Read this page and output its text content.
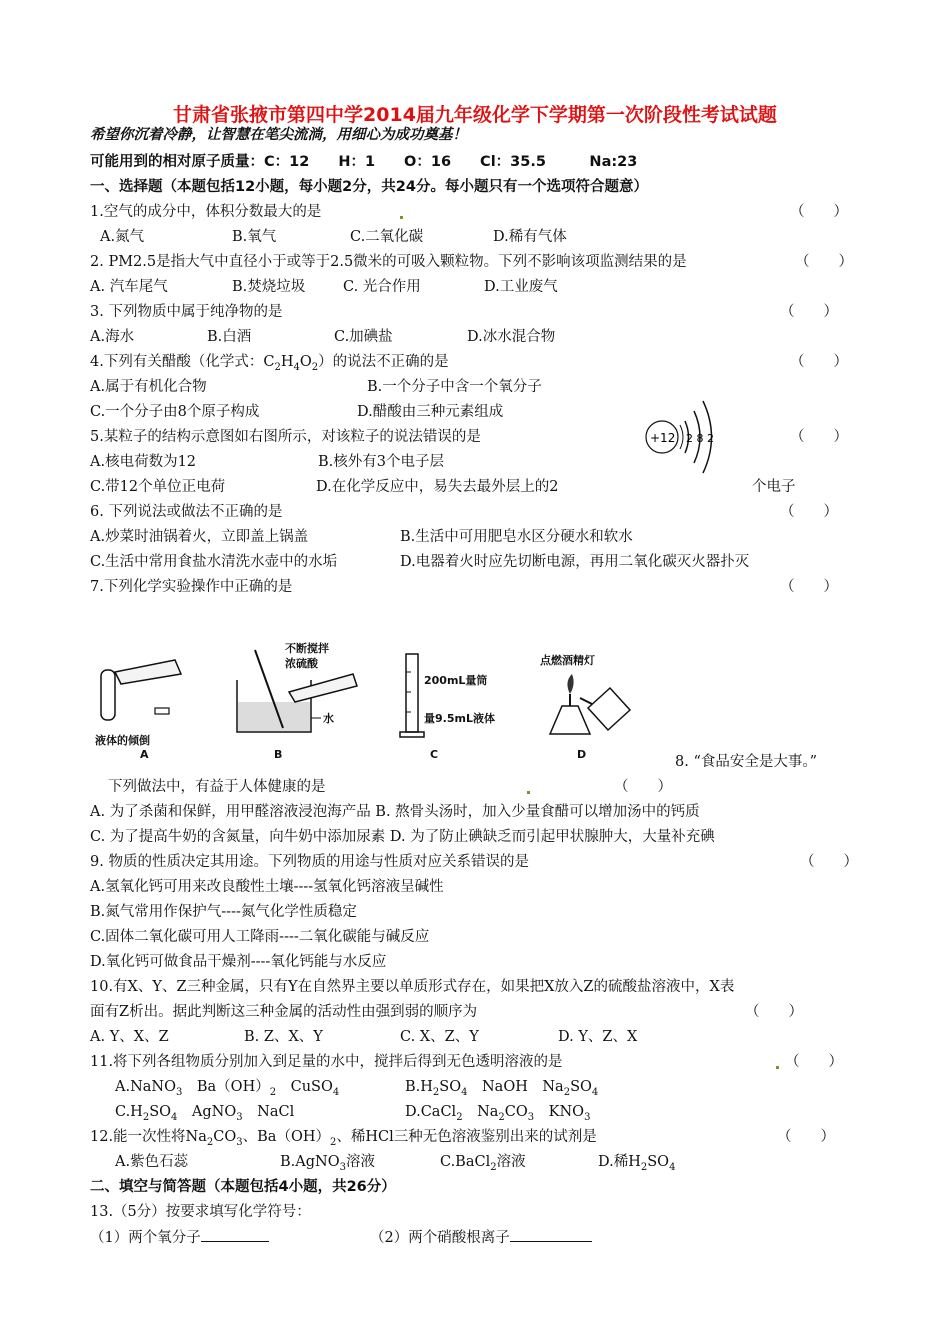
甘肃省张掖市第四中学2014届九年级化学下学期第一次阶段性考试试题
希望你沉着冷静，让智慧在笔尖流淌，用细心为成功奠基！
可能用到的相对原子质量：C：12　　H：1　　O：16　　Cl：35.5　　　Na:23
一、选择题（本题包括12小题，每小题2分，共24分。每小题只有一个选项符合题意）
1.空气的成分中，体积分数最大的是	（　　）
A.氮气	B.氧气	C.二氧化碳	D.稀有气体
2. PM2.5是指大气中直径小于或等于2.5微米的可吸入颗粒物。下列不影响该项监测结果的是	（　　）
A. 汽车尾气	B.焚烧垃圾	C. 光合作用	D.工业废气
3. 下列物质中属于纯净物的是	（　　）
A.海水	B.白酒	C.加碘盐	D.冰水混合物
4.下列有关醋酸（化学式：$C_2H_4O_2$）的说法不正确的是	（　　）
A.属于有机化合物	B.一个分子中含一个氧分子
C.一个分子由8个原子构成	D.醋酸由三种元素组成
5.某粒子的结构示意图如右图所示，对该粒子的说法错误的是	+12 2 8 2	（　　）
A.核电荷数为12	B.核外有3个电子层
C.带12个单位正电荷	D.在化学反应中，易失去最外层上的2	个电子
6. 下列说法或做法不正确的是	（　　）
A.炒菜时油锅着火，立即盖上锅盖	B.生活中可用肥皂水区分硬水和软水
C.生活中常用食盐水清洗水壶中的水垢	D.电器着火时应先切断电源，再用二氧化碳灭火器扑灭
7.下列化学实验操作中正确的是	（　　）
液体的倾倒
A
不断搅拌
浓硫酸
水
B
200mL量筒
量9.5mL液体
C
点燃酒精灯
D	8. “食品安全是大事。”
下列做法中，有益于人体健康的是	（　　）
A. 为了杀菌和保鲜，用甲醛溶液浸泡海产品 B. 熬骨头汤时，加入少量食醋可以增加汤中的钙质
C. 为了提高牛奶的含氮量，向牛奶中添加尿素 D. 为了防止碘缺乏而引起甲状腺肿大，大量补充碘
9. 物质的性质决定其用途。下列物质的用途与性质对应关系错误的是	（　　）
A.氢氧化钙可用来改良酸性土壤----氢氧化钙溶液呈碱性
B.氮气常用作保护气----氮气化学性质稳定
C.固体二氧化碳可用人工降雨----二氧化碳能与碱反应
D.氧化钙可做食品干燥剂----氧化钙能与水反应
10.有X、Y、Z三种金属，只有Y在自然界主要以单质形式存在，如果把X放入Z的硫酸盐溶液中，X表
面有Z析出。据此判断这三种金属的活动性由强到弱的顺序为	（　　）
A. Y、X、Z	B. Z、X、Y	C. X、Z、Y	D. Y、Z、X
11.将下列各组物质分别加入到足量的水中，搅拌后得到无色透明溶液的是	（　　）
A.NaNO$_3$　$Ba(OH)_2$　CuSO$_4$	$B.H_2SO_4$　NaOH　$Na_2SO_4$
$C.H_2SO_4$　AgNO$_3$　NaCl	D.CaCl$_2$　$Na_2CO_3$　$KNO_3$
12.能一次性将$Na_2CO_3$、$Ba(OH)_2$、稀HCl三种无色溶液鉴别出来的试剂是	（　　）
A.紫色石蕊	B.AgNO$_3$溶液	C.BaCl$_2$溶液	D.稀$H_2SO_4$
二、填空与简答题（本题包括4小题，共26分）
13.（5分）按要求填写化学符号：
（1）两个氧分子	（2）两个硝酸根离子
